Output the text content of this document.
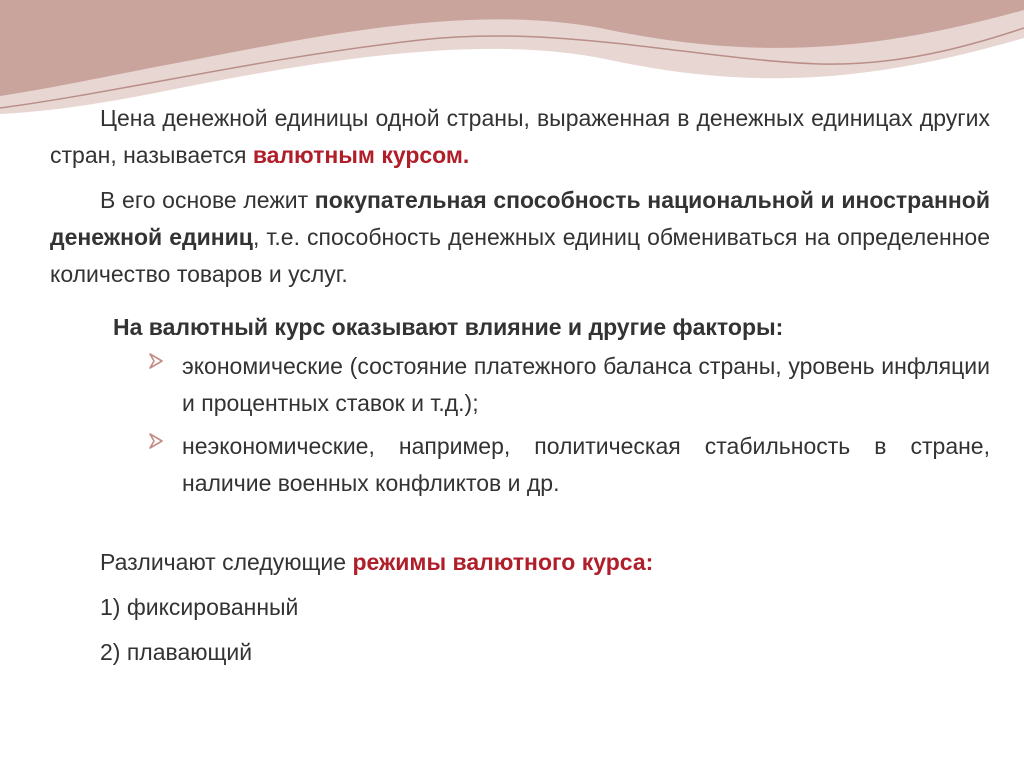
Цена денежной единицы одной страны, выраженная в денежных единицах других стран, называется валютным курсом.

В его основе лежит покупательная способность национальной и иностранной денежной единиц, т.е. способность денежных единиц обмениваться на определенное количество товаров и услуг.

На валютный курс оказывают влияние и другие факторы:

экономические (состояние платежного баланса страны, уровень инфляции и процентных ставок и т.д.);
неэкономические, например, политическая стабильность в стране, наличие военных конфликтов и др.

Различают следующие режимы валютного курса:

1) фиксированный

2) плавающий
